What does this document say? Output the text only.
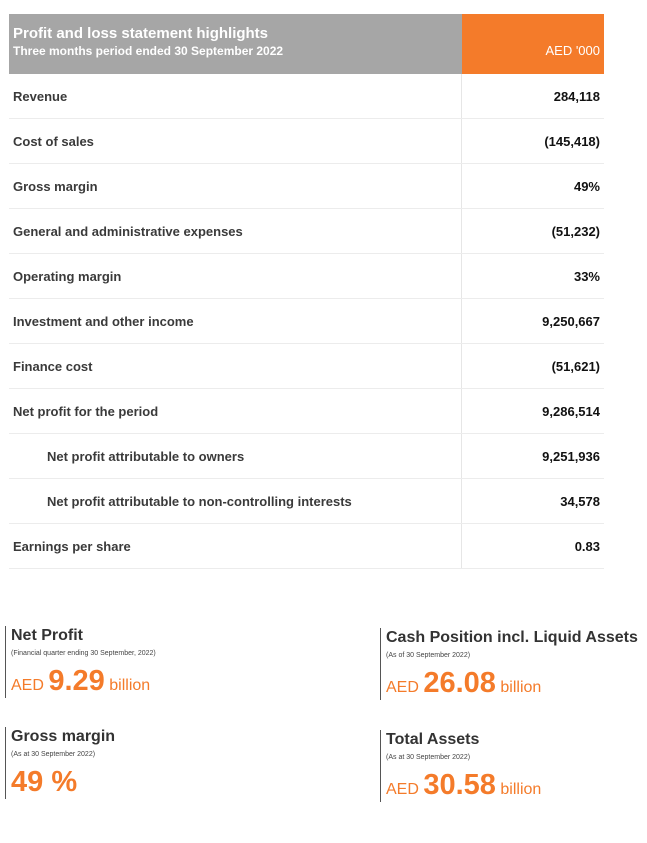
Profit and loss statement highlights
Three months period ended 30 September 2022	AED '000
Revenue	284,118
Cost of sales	(145,418)
Gross margin	49%
General and administrative expenses	(51,232)
Operating margin	33%
Investment and other income	9,250,667
Finance cost	(51,621)
Net profit for the period	9,286,514
Net profit attributable to owners	9,251,936
Net profit attributable to non-controlling interests	34,578
Earnings per share	0.83
Net Profit
(Financial quarter ending 30 September, 2022)
AED 9.29 billion
Cash Position incl. Liquid Assets
(As of 30 September 2022)
AED 26.08 billion
Gross margin
(As at 30 September 2022)
49 %
Total Assets
(As at 30 September 2022)
AED 30.58 billion
